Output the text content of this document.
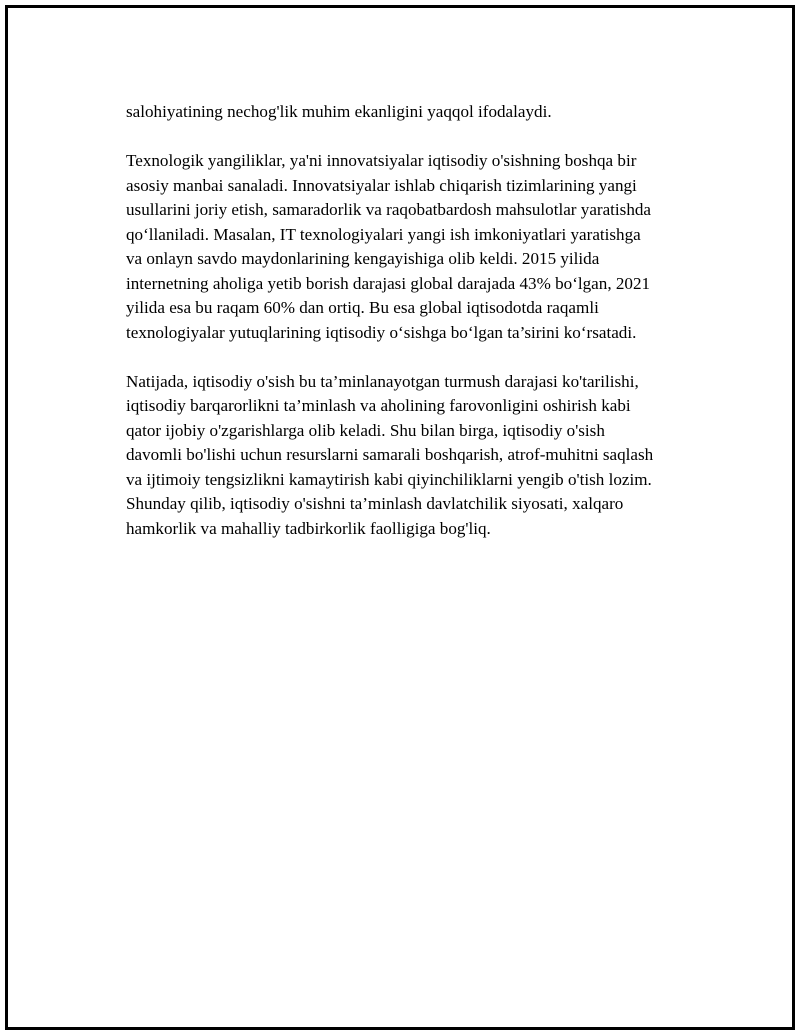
salohiyatining nechog'lik muhim ekanligini yaqqol ifodalaydi.

Texnologik yangiliklar, ya'ni innovatsiyalar iqtisodiy o'sishning boshqa bir
asosiy manbai sanaladi. Innovatsiyalar ishlab chiqarish tizimlarining yangi
usullarini joriy etish, samaradorlik va raqobatbardosh mahsulotlar yaratishda
qo‘llaniladi. Masalan, IT texnologiyalari yangi ish imkoniyatlari yaratishga
va onlayn savdo maydonlarining kengayishiga olib keldi. 2015 yilida
internetning aholiga yetib borish darajasi global darajada 43% bo‘lgan, 2021
yilida esa bu raqam 60% dan ortiq. Bu esa global iqtisodotda raqamli
texnologiyalar yutuqlarining iqtisodiy o‘sishga bo‘lgan ta’sirini ko‘rsatadi.

Natijada, iqtisodiy o'sish bu ta’minlanayotgan turmush darajasi ko'tarilishi,
iqtisodiy barqarorlikni ta’minlash va aholining farovonligini oshirish kabi
qator ijobiy o'zgarishlarga olib keladi. Shu bilan birga, iqtisodiy o'sish
davomli bo'lishi uchun resurslarni samarali boshqarish, atrof-muhitni saqlash
va ijtimoiy tengsizlikni kamaytirish kabi qiyinchiliklarni yengib o'tish lozim.
Shunday qilib, iqtisodiy o'sishni ta’minlash davlatchilik siyosati, xalqaro
hamkorlik va mahalliy tadbirkorlik faolligiga bog'liq.
